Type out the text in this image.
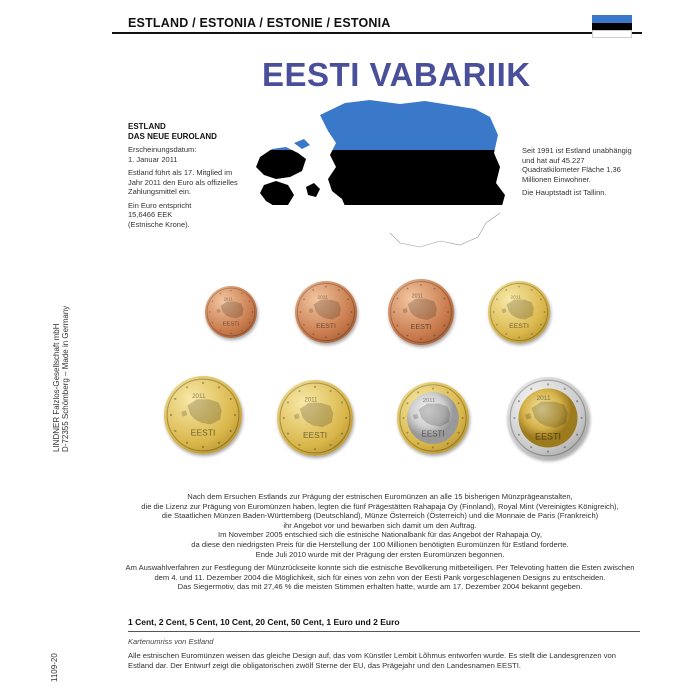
ESTLAND / ESTONIA / ESTONIE / ESTONIA
EESTI VABARIIK
ESTLAND
DAS NEUE EUROLAND

Erscheinungsdatum:
1. Januar 2011

Estland führt als 17. Mitglied im Jahr 2011 den Euro als offizielles Zahlungsmittel ein.

Ein Euro entspricht
15,6466 EEK
(Estnische Krone).

Seit 1991 ist Estland unabhängig und hat auf 45.227 Quadratkilometer Fläche 1,36 Millionen Einwohner.

Die Hauptstadt ist Tallinn.

LINDNER Falzlos-Gesellschaft mbH D-72355 Schömberg – Made in Germany
1109-20
2011
EESTI
2011
EESTI
2011
EESTI
2011
EESTI
2011
EESTI
2011
EESTI
2011
EESTI
2011
EESTI

Nach dem Ersuchen Estlands zur Prägung der estnischen Euromünzen an alle 15 bisherigen Münzprägeanstalten,
die die Lizenz zur Prägung von Euromünzen haben, legten die fünf Prägestätten Rahapaja Oy (Finnland), Royal Mint (Vereinigtes Königreich),
die Staatlichen Münzen Baden-Württemberg (Deutschland), Münze Österreich (Österreich) und die Monnaie de Paris (Frankreich)
ihr Angebot vor und bewarben sich damit um den Auftrag.
Im November 2005 entschied sich die estnische Nationalbank für das Angebot der Rahapaja Oy,
da diese den niedrigsten Preis für die Herstellung der 100 Millionen benötigten Euromünzen für Estland forderte.
Ende Juli 2010 wurde mit der Prägung der ersten Euromünzen begonnen.

Am Auswahlverfahren zur Festlegung der Münzrückseite konnte sich die estnische Bevölkerung mitbeteiligen. Per Televoting hatten die Esten zwischen
dem 4. und 11. Dezember 2004 die Möglichkeit, sich für eines von zehn von der Eesti Pank vorgeschlagenen Designs zu entscheiden.
Das Siegermotiv, das mit 27,46 % die meisten Stimmen erhalten hatte, wurde am 17. Dezember 2004 bekannt gegeben.

1 Cent, 2 Cent, 5 Cent, 10 Cent, 20 Cent, 50 Cent, 1 Euro und 2 Euro
Kartenumriss von Estland
Alle estnischen Euromünzen weisen das gleiche Design auf, das vom Künstler Lembit Lõhmus entworfen wurde. Es stellt die Landesgrenzen von Estland dar. Der Entwurf zeigt die obligatorischen zwölf Sterne der EU, das Prägejahr und den Landesnamen EESTI.
